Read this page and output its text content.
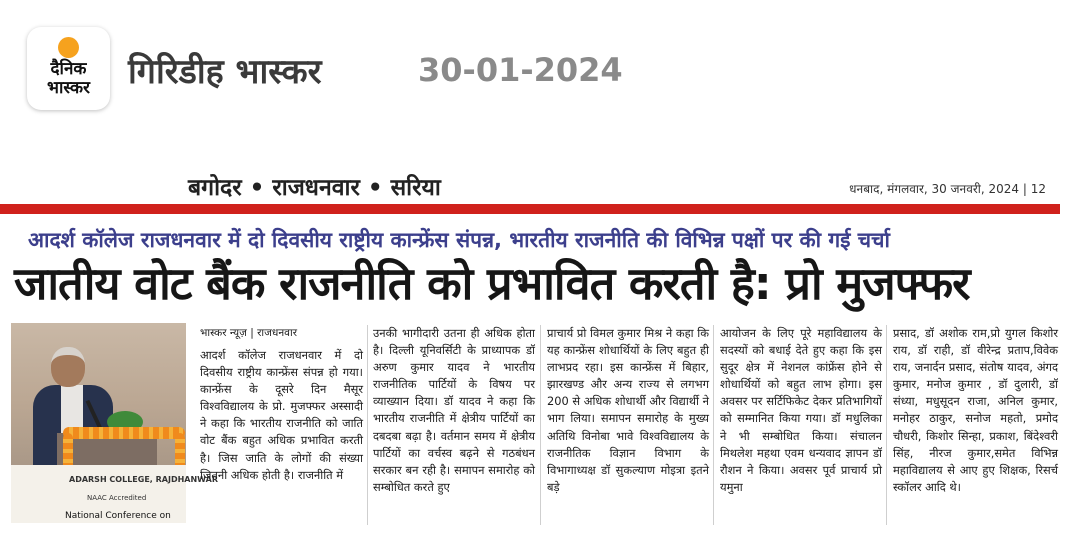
दैनिक
भास्कर	गिरिडीह भास्कर	30-01-2024
बगोदर • राजधनवार • सरिया	धनबाद, मंगलवार, 30 जनवरी, 2024 | 12
आदर्श कॉलेज राजधनवार में दो दिवसीय राष्ट्रीय कान्फ्रेंस संपन्न, भारतीय राजनीति की विभिन्न पक्षों पर की गई चर्चा
जातीय वोट बैंक राजनीति को प्रभावित करती है: प्रो मुजफ्फर
ADARSH COLLEGE, RAJDHANWAR
NAAC Accredited
National Conference on
भास्कर न्यूज़ | राजधनवार

आदर्श कॉलेज राजधनवार में दो दिवसीय राष्ट्रीय कान्फ्रेंस संपन्न हो गया। कान्फ्रेंस के दूसरे दिन मैसूर विश्वविद्यालय के प्रो. मुजफ्फर अस्सादी ने कहा कि भारतीय राजनीति को जाति वोट बैंक बहुत अधिक प्रभावित करती है। जिस जाति के लोगों की संख्या जितनी अधिक होती है। राजनीति में

उनकी भागीदारी उतना ही अधिक होता है। दिल्ली यूनिवर्सिटी के प्राध्यापक डॉ अरुण कुमार यादव ने भारतीय राजनीतिक पार्टियों के विषय पर व्याख्यान दिया। डॉ यादव ने कहा कि भारतीय राजनीति में क्षेत्रीय पार्टियों का दबदबा बढ़ा है। वर्तमान समय में क्षेत्रीय पार्टियों का वर्चस्व बढ़ने से गठबंधन सरकार बन रही है। समापन समारोह को सम्बोधित करते हुए

प्राचार्य प्रो विमल कुमार मिश्र ने कहा कि यह कान्फ्रेंस शोधार्थियों के लिए बहुत ही लाभप्रद रहा। इस कान्फ्रेंस में बिहार, झारखण्ड और अन्य राज्य से लगभग 200 से अधिक शोधार्थी और विद्यार्थी ने भाग लिया। समापन समारोह के मुख्य अतिथि विनोबा भावे विश्वविद्यालय के राजनीतिक विज्ञान विभाग के विभागाध्यक्ष डॉ सुकल्याण मोइत्रा इतने बड़े

आयोजन के लिए पूरे महाविद्यालय के सदस्यों को बधाई देते हुए कहा कि इस सुदूर क्षेत्र में नेशनल कांफ्रेंस होने से शोधार्थियों को बहुत लाभ होगा। इस अवसर पर सर्टिफिकेट देकर प्रतिभागियों को सम्मानित किया गया। डॉ मधुलिका ने भी सम्बोधित किया। संचालन मिथलेश महथा एवम धन्यवाद ज्ञापन डॉ रौशन ने किया। अवसर पूर्व प्राचार्य प्रो यमुना

प्रसाद, डॉ अशोक राम,प्रो युगल किशोर राय, डॉ राही, डॉ वीरेन्द्र प्रताप,विवेक राय, जनार्दन प्रसाद, संतोष यादव, अंगद कुमार, मनोज कुमार , डॉ दुलारी, डॉ संध्या, मधुसूदन राजा, अनिल कुमार, मनोहर ठाकुर, सनोज महतो, प्रमोद चौधरी, किशोर सिन्हा, प्रकाश, बिंदेश्वरी सिंह, नीरज कुमार,समेत विभिन्न महाविद्यालय से आए हुए शिक्षक, रिसर्च स्कॉलर आदि थे।
